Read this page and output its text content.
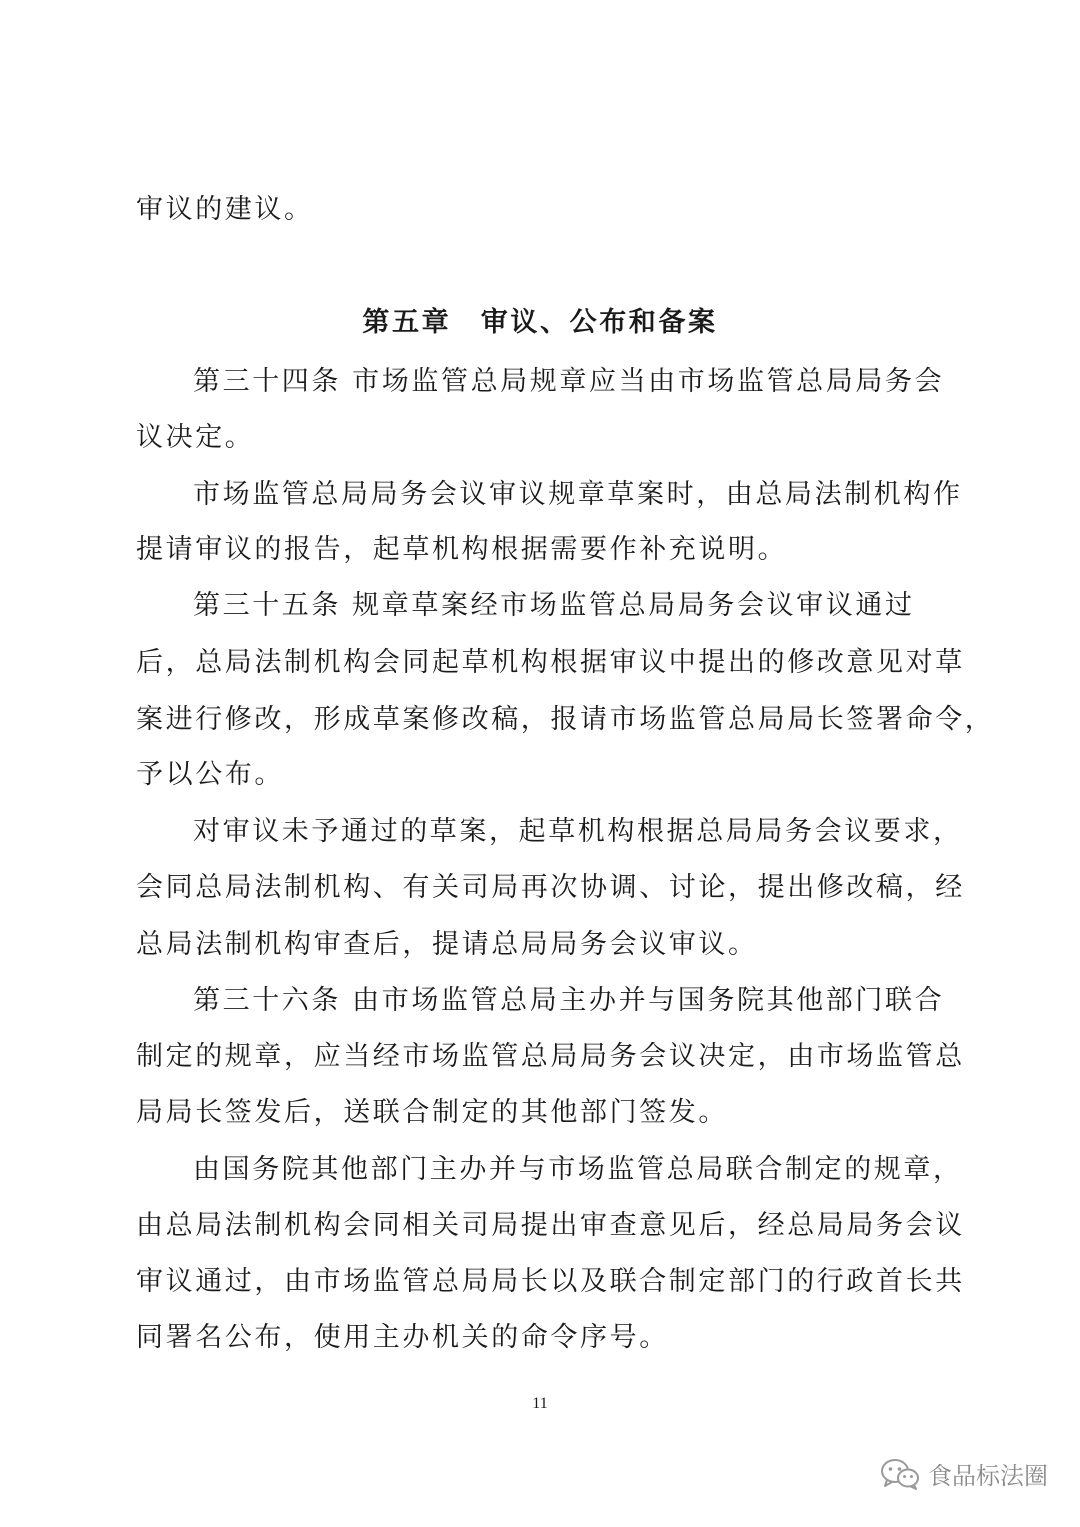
审议的建议。
第五章　审议、公布和备案
第三十四条 市场监管总局规章应当由市场监管总局局务会
议决定。
市场监管总局局务会议审议规章草案时，由总局法制机构作
提请审议的报告，起草机构根据需要作补充说明。
第三十五条 规章草案经市场监管总局局务会议审议通过
后，总局法制机构会同起草机构根据审议中提出的修改意见对草
案进行修改，形成草案修改稿，报请市场监管总局局长签署命令，
予以公布。
对审议未予通过的草案，起草机构根据总局局务会议要求，
会同总局法制机构、有关司局再次协调、讨论，提出修改稿，经
总局法制机构审查后，提请总局局务会议审议。
第三十六条 由市场监管总局主办并与国务院其他部门联合
制定的规章，应当经市场监管总局局务会议决定，由市场监管总
局局长签发后，送联合制定的其他部门签发。
由国务院其他部门主办并与市场监管总局联合制定的规章，
由总局法制机构会同相关司局提出审查意见后，经总局局务会议
审议通过，由市场监管总局局长以及联合制定部门的行政首长共
同署名公布，使用主办机关的命令序号。
11
食品标法圈
